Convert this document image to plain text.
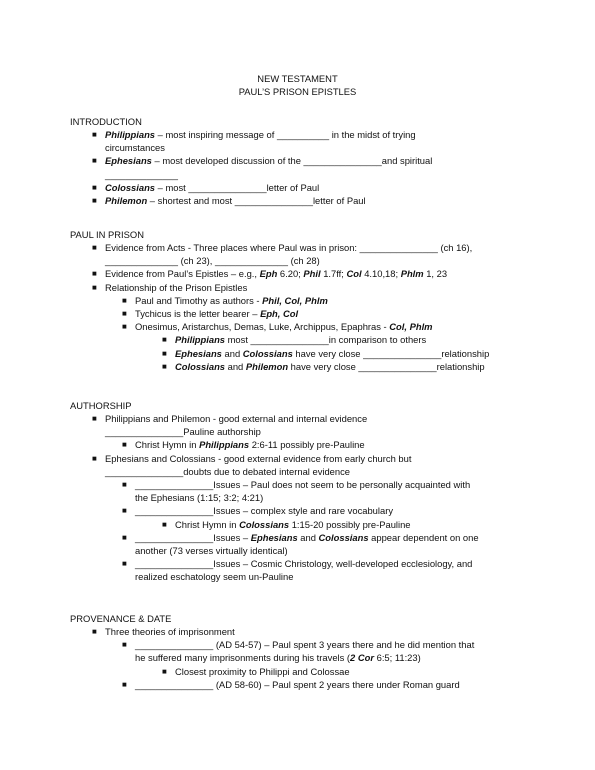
NEW TESTAMENT
PAUL’S PRISON EPISTLES
INTRODUCTION
■ Philippians – most inspiring message of __________ in the midst of trying
circumstances
■ Ephesians – most developed discussion of the _______________and spiritual
______________
■ Colossians – most _______________letter of Paul
■ Philemon – shortest and most _______________letter of Paul
PAUL IN PRISON
■ Evidence from Acts - Three places where Paul was in prison: _______________ (ch 16),
______________ (ch 23), ______________ (ch 28)
■ Evidence from Paul’s Epistles – e.g., Eph 6.20; Phil 1.7ff; Col 4.10,18; Phlm 1, 23
■ Relationship of the Prison Epistles
■ Paul and Timothy as authors - Phil, Col, Phlm
■ Tychicus is the letter bearer – Eph, Col
■ Onesimus, Aristarchus, Demas, Luke, Archippus, Epaphras - Col, Phlm
■ Philippians most _______________in comparison to others
■ Ephesians and Colossians have very close _______________relationship
■ Colossians and Philemon have very close _______________relationship
AUTHORSHIP
■ Philippians and Philemon - good external and internal evidence
_______________Pauline authorship
■ Christ Hymn in Philippians 2:6-11 possibly pre-Pauline
■ Ephesians and Colossians - good external evidence from early church but
_______________doubts due to debated internal evidence
■ _______________Issues – Paul does not seem to be personally acquainted with
the Ephesians (1:15; 3:2; 4:21)
■ _______________Issues – complex style and rare vocabulary
■ Christ Hymn in Colossians 1:15-20 possibly pre-Pauline
■ _______________Issues – Ephesians and Colossians appear dependent on one
another (73 verses virtually identical)
■ _______________Issues – Cosmic Christology, well-developed ecclesiology, and
realized eschatology seem un-Pauline
PROVENANCE & DATE
■ Three theories of imprisonment
■ _______________ (AD 54-57) – Paul spent 3 years there and he did mention that
he suffered many imprisonments during his travels (2 Cor 6:5; 11:23)
■ Closest proximity to Philippi and Colossae
■ _______________ (AD 58-60) – Paul spent 2 years there under Roman guard
